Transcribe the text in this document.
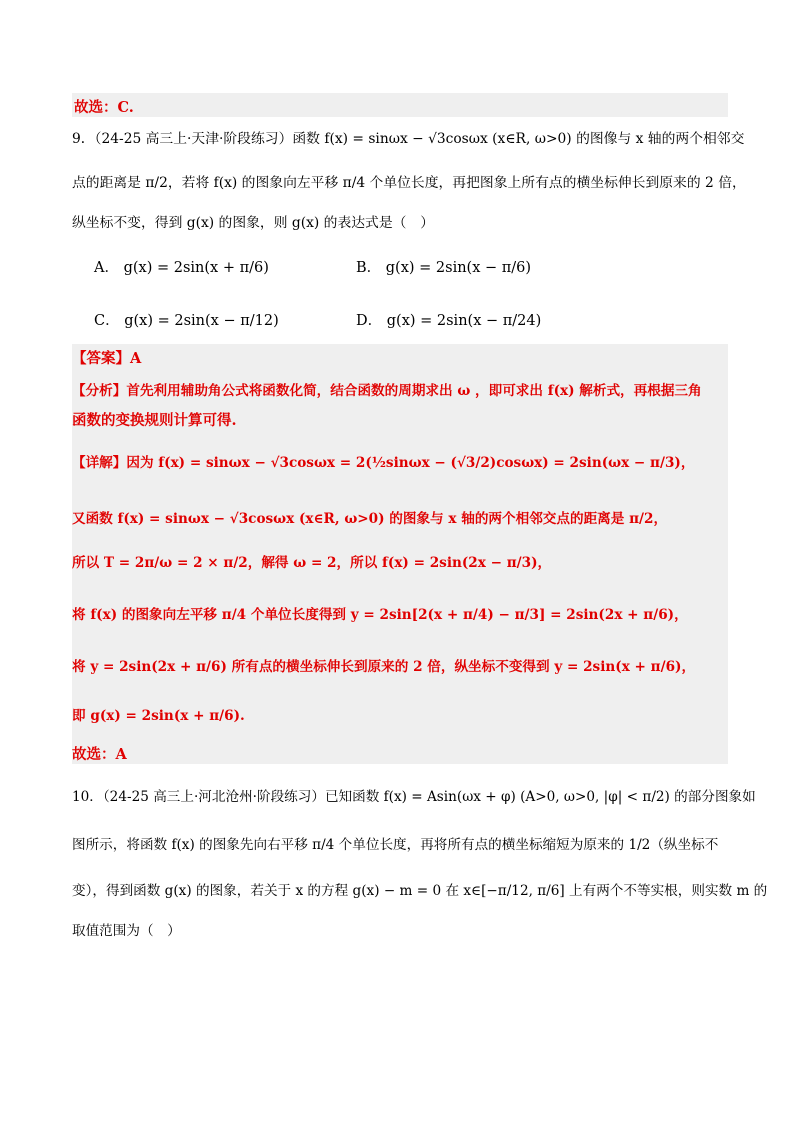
故选：C.
9．（24-25 高三上·天津·阶段练习）函数 f(x) = sinωx − √3cosωx (x∈R, ω>0) 的图像与 x 轴的两个相邻交
点的距离是 π/2，若将 f(x) 的图象向左平移 π/4 个单位长度，再把图象上所有点的横坐标伸长到原来的 2 倍，
纵坐标不变，得到 g(x) 的图象，则 g(x) 的表达式是（　）
A． g(x) = 2sin(x + π/6)	B． g(x) = 2sin(x − π/6)
C． g(x) = 2sin(x − π/12)	D． g(x) = 2sin(x − π/24)
【答案】A
【分析】首先利用辅助角公式将函数化简，结合函数的周期求出 ω ，即可求出 f(x) 解析式，再根据三角
函数的变换规则计算可得.
【详解】因为 f(x) = sinωx − √3cosωx = 2(½sinωx − (√3/2)cosωx) = 2sin(ωx − π/3)，
又函数 f(x) = sinωx − √3cosωx (x∈R, ω>0) 的图象与 x 轴的两个相邻交点的距离是 π/2，
所以 T = 2π/ω = 2 × π/2，解得 ω = 2，所以 f(x) = 2sin(2x − π/3)，
将 f(x) 的图象向左平移 π/4 个单位长度得到 y = 2sin[2(x + π/4) − π/3] = 2sin(2x + π/6)，
将 y = 2sin(2x + π/6) 所有点的横坐标伸长到原来的 2 倍，纵坐标不变得到 y = 2sin(x + π/6)，
即 g(x) = 2sin(x + π/6).
故选：A
10．（24-25 高三上·河北沧州·阶段练习）已知函数 f(x) = Asin(ωx + φ) (A>0, ω>0, |φ| < π/2) 的部分图象如
图所示，将函数 f(x) 的图象先向右平移 π/4 个单位长度，再将所有点的横坐标缩短为原来的 1/2（纵坐标不
变），得到函数 g(x) 的图象，若关于 x 的方程 g(x) − m = 0 在 x∈[−π/12, π/6] 上有两个不等实根，则实数 m 的
取值范围为（　）
